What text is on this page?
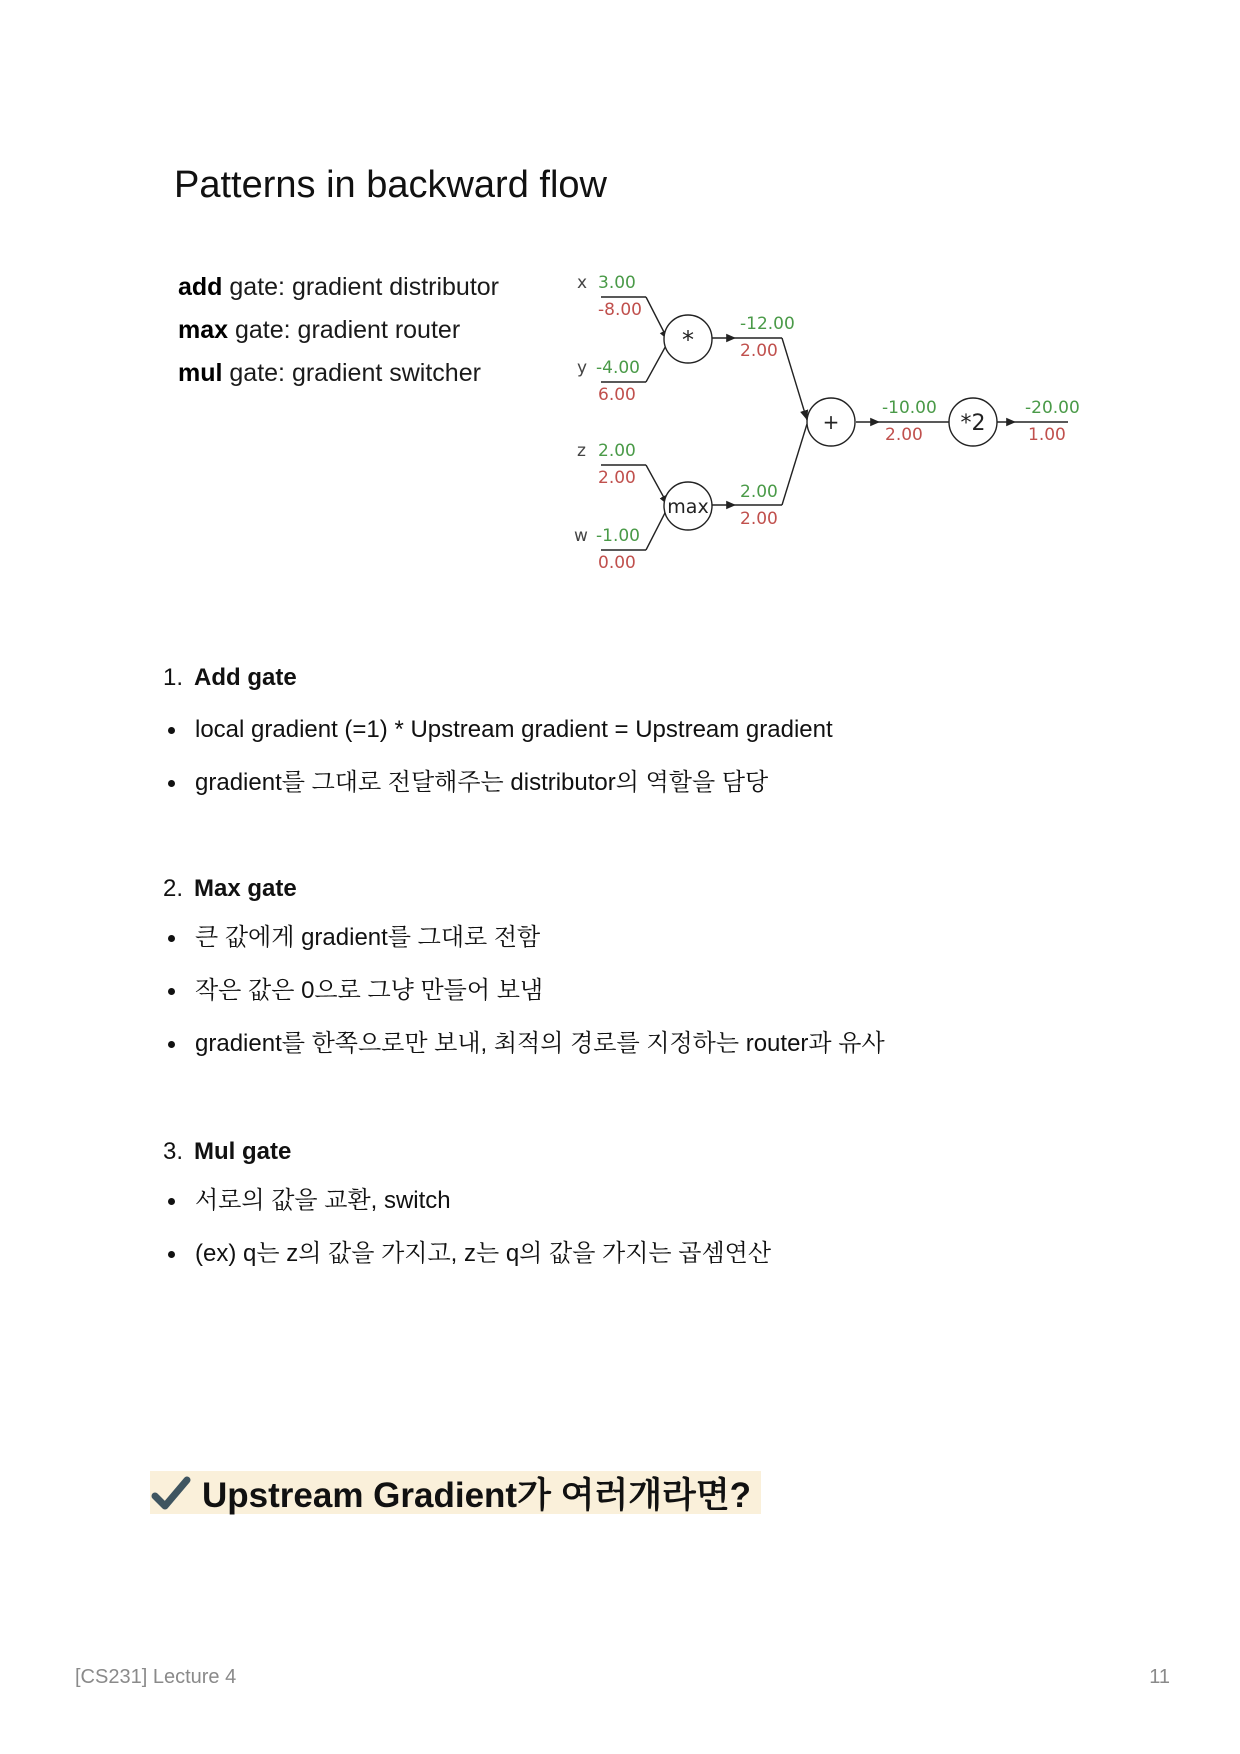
Patterns in backward flow
add gate: gradient distributor
max gate: gradient router
mul gate: gradient switcher
*
max
+	*2
x
y
z
w
3.00
-4.00
2.00
-1.00
-12.00
2.00
-10.00	-20.00
-8.00
6.00
2.00
0.00
2.00
2.00
2.00	1.00
1. Add gate
local gradient (=1) * Upstream gradient = Upstream gradient
gradient를 그대로 전달해주는 distributor의 역할을 담당
2. Max gate
큰 값에게 gradient를 그대로 전함
작은 값은 0으로 그냥 만들어 보냄
gradient를 한쪽으로만 보내, 최적의 경로를 지정하는 router과 유사
3. Mul gate
서로의 값을 교환, switch
(ex) q는 z의 값을 가지고, z는 q의 값을 가지는 곱셈연산
Upstream Gradient가 여러개라면?
[CS231] Lecture 4	11
